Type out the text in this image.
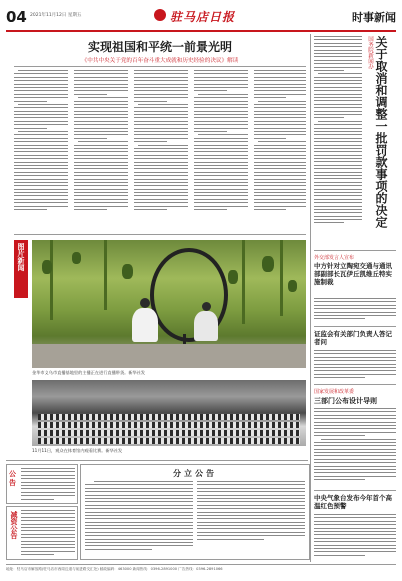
04 2021年11月12日 星期五	驻马店日报	时事新闻
实现祖国和平统一前景光明
《中共中央关于党的百年奋斗重大成就和历史经验的决议》解读
图片新闻
金华市义乌市直播基地里的主播正在进行直播带货。新华社发
11月11日，观众在体育馆内观看比赛。新华社发
国务院新闻办 关于取消和调整一批罚款事项的决定
外交部发言人宣布
中方针对立陶宛交通与通讯部副部长瓦伊丘凯维丘特实施制裁
证监会有关部门负责人答记者问
国家发展和改革委
三部门公布设计导则
中央气象台发布今年首个高温红色预警
公告
减资公告
分立公告
地址：驻马店市解放路(驻马店市西周边道与前进路交汇处) 邮政编码：463000 新闻热线：0396-2891000 广告热线：0396-2891066
